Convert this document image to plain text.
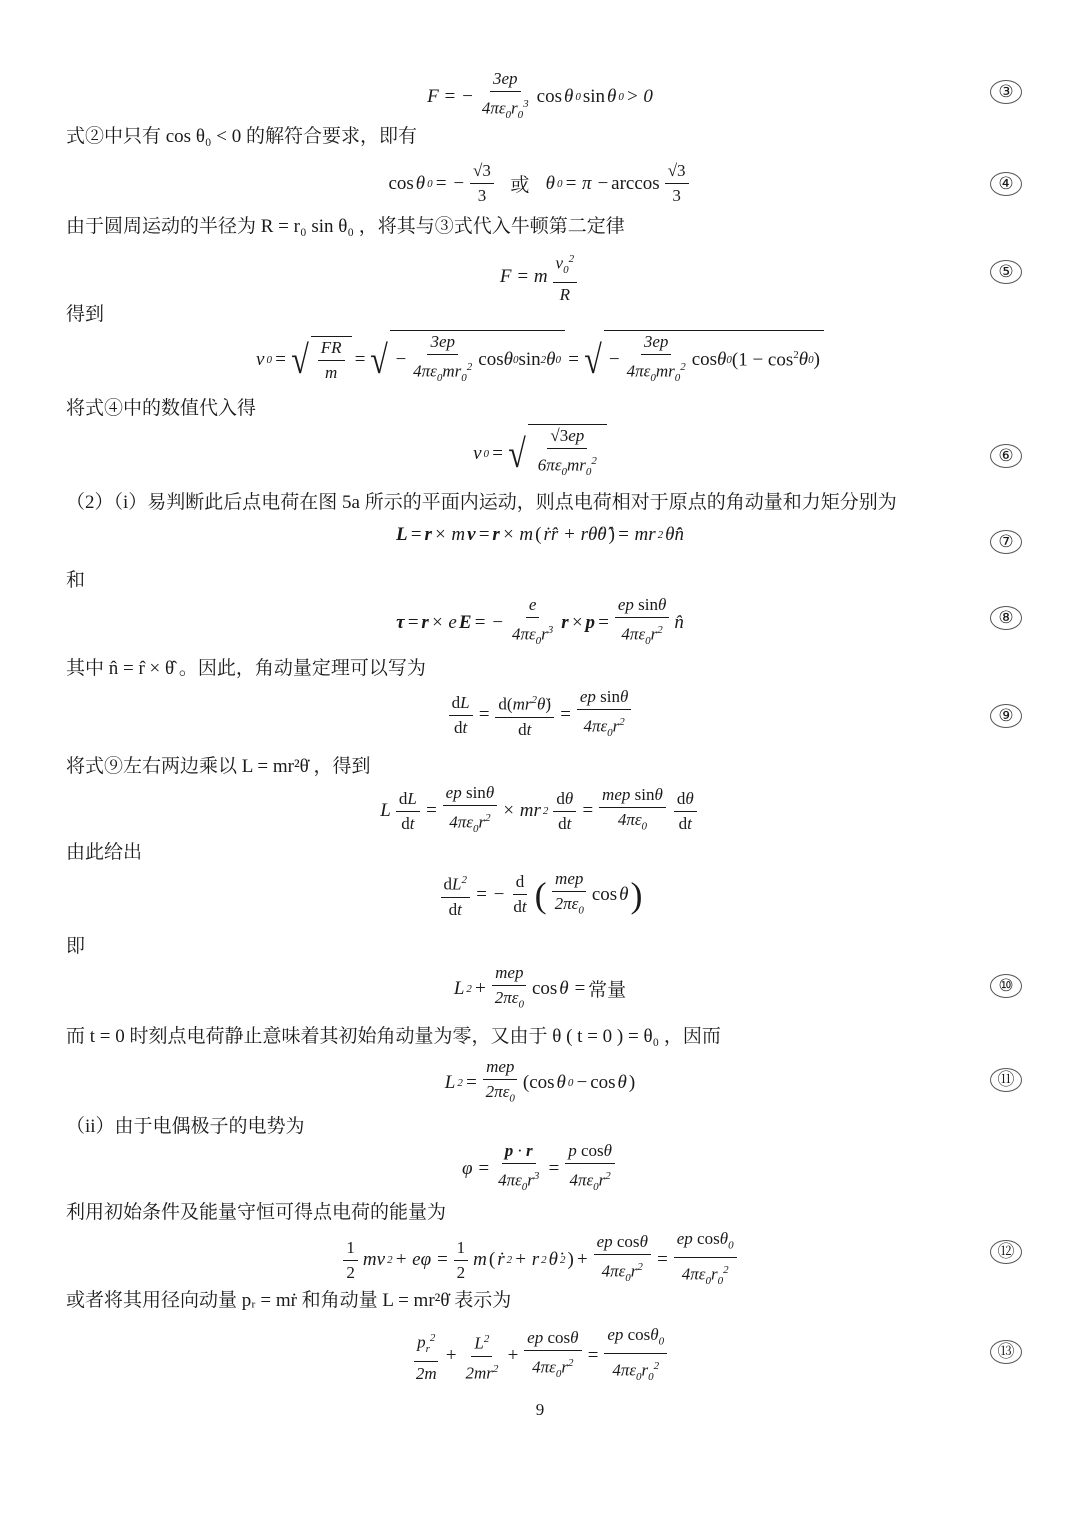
F = − $\frac{3ep}{4\pi\varepsilon_0r_0^3}$ cos θ 0 sin θ 0 > 0	③
式②中只有 cos θ₀ < 0 的解符合要求，即有
cos θ 0 = − $\frac{√3}{3}$
或 θ $0 = \pi - \arccos \frac{√3}{3}$	④
由于圆周运动的半径为 R = r₀ sin θ₀ ，将其与③式代入牛顿第二定律
F = m $\frac{v_0^2}{R}$	⑤
得到
v 0 = √ $\frac{FR}{m}$ = √ − $\frac{3ep}{4\pi\varepsilon_0mr_0^2}$ cos θ 0 sin 2 θ 0 = √ − $\frac{3ep}{4\pi\varepsilon_0mr_0^2}$ cos θ 0 ($1 - \cos^2 \theta$ 0 )
将式④中的数值代入得
v 0 = √ $\frac{√3ep}{6\pi\varepsilon_0mr_0^2}$	⑥
（2）（i）易判断此后点电荷在图 5a 所示的平面内运动，则点电荷相对于原点的角动量和力矩分别为
L = r × m v = r × m ( ṙr̂ + rθ̇θ̂ ) = mr 2 θ̇n̂	⑦
和
τ = r × e E = − $\frac{e}{4\pi\varepsilon_0r^3}$ $r \times p = \frac{\text{ep sinθ}}{4\pi\varepsilon_0r^2}$ n̂	⑧
其中 n̂ = r̂ × θ̂ 。因此，角动量定理可以写为
$\frac{dL}{dt} = \frac{d(mr^2\thetȧ)}{dt} = \frac{\text{ep sinθ}}{4\pi\varepsilon_0r^2}$	⑨
将式⑨左右两边乘以 L = mr²θ̇ ，得到
L $\frac{dL}{dt} = \frac{\text{ep sinθ}}{4\pi\varepsilon_0r^2}$ × mr $2 \frac{d\theta}{dt} = \frac{\text{mep sinθ}}{4\pi\varepsilon_0} \frac{d\theta}{dt}$
由此给出
$\frac{dL^2}{dt}$ = − $\frac{d}{dt}$ ( $\frac{\text{mep}}{2\pi\varepsilon_0}$ cos θ )
即
L $2 + \frac{\text{mep}}{2\pi\varepsilon_0}$ cos θ = 常量	⑩
而 t = 0 时刻点电荷静止意味着其初始角动量为零，又由于 θ ( t = 0 ) = θ₀ ，因而
L $2 = \frac{\text{mep}}{2\pi\varepsilon_0} (\cos$ θ 0 − cos θ )	⑪
（ii）由于电偶极子的电势为
$\varphi = \frac{p \cdot r}{4\pi\varepsilon_0r^3} = \frac{\text{p cosθ}}{4\pi\varepsilon_0r^2}$
利用初始条件及能量守恒可得点电荷的能量为
$\frac{1}{2}$ mv $2 + e\varphi = \frac{1}{2}$ m ( ṙ 2 + r 2 θ̇ 2 ) + $\frac{\text{ep cosθ}}{4\pi\varepsilon_0r^2} = \frac{ep \cos\theta_0}{4\pi\varepsilon_0r_0^2}$	⑫
或者将其用径向动量 pᵣ = mṙ 和角动量 L = mr²θ̇ 表示为
$\frac{p_r^2}{2m} + \frac{L^2}{2mr^2} + \frac{\text{ep cosθ}}{4\pi\varepsilon_0r^2} = \frac{ep \cos\theta_0}{4\pi\varepsilon_0r_0^2}$	⑬
9
